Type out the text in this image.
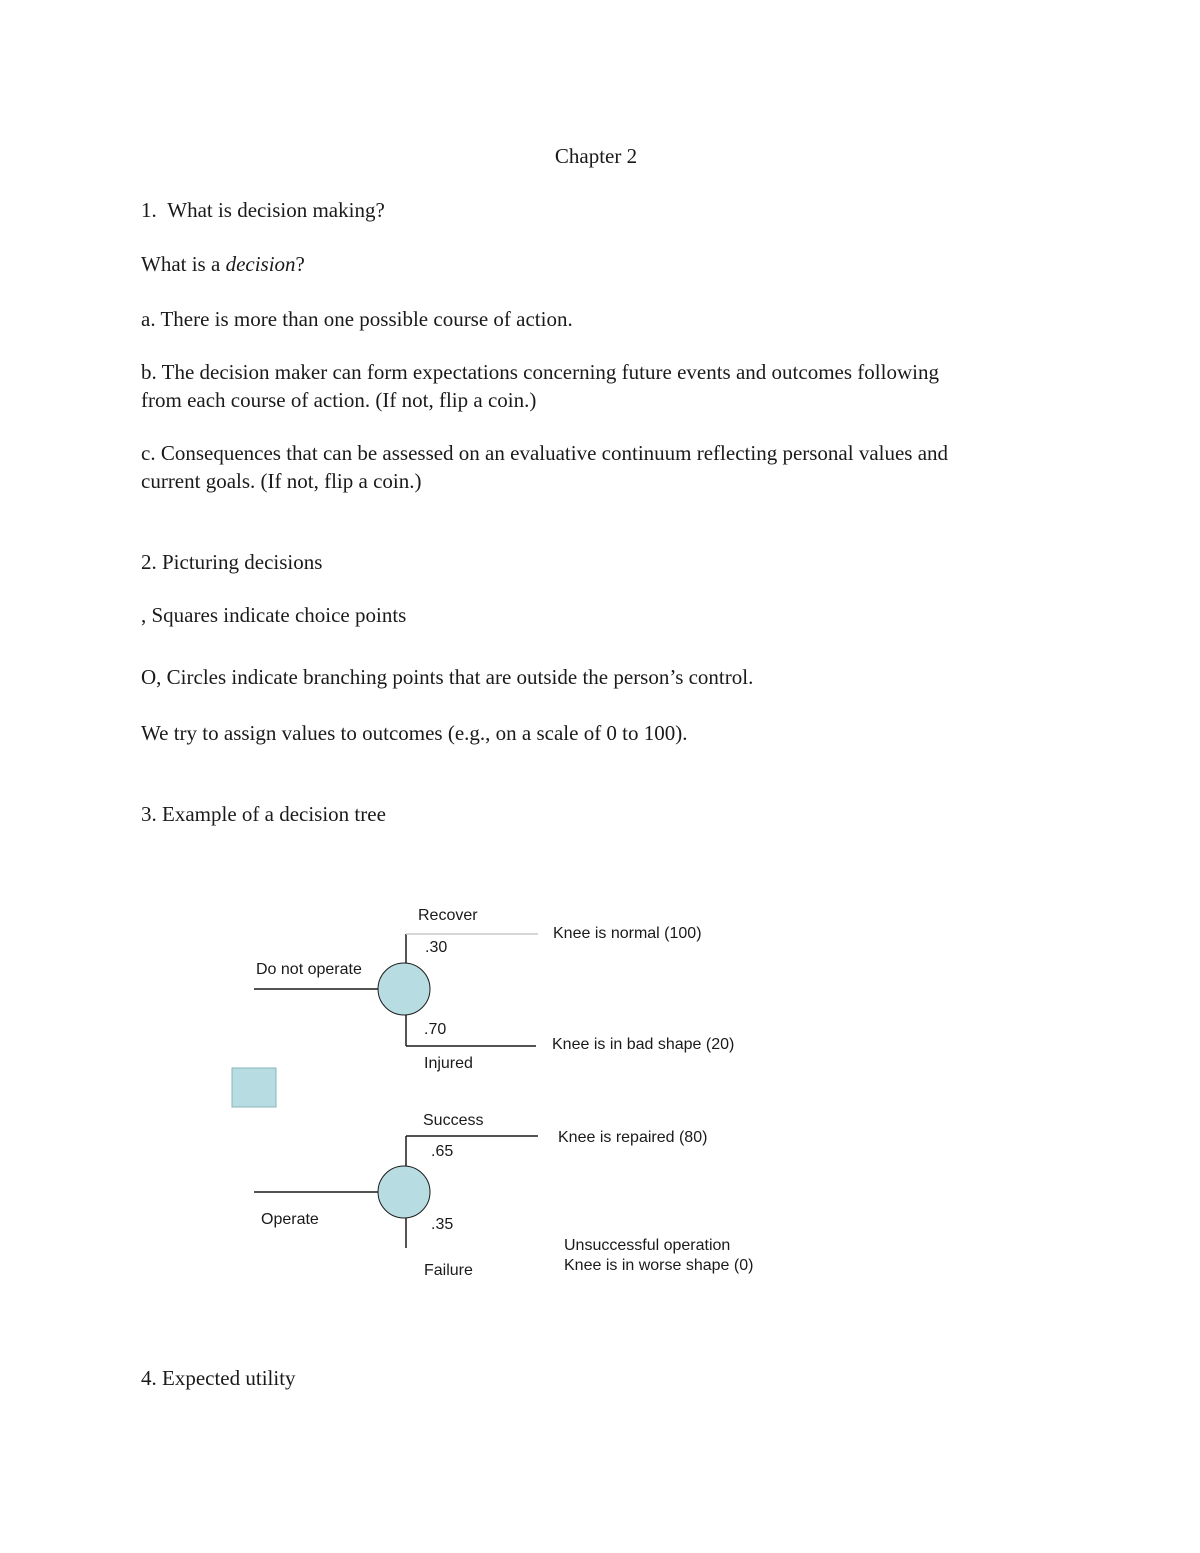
Chapter 2
1. What is decision making?
What is a decision?
a. There is more than one possible course of action.
b. The decision maker can form expectations concerning future events and outcomes following
from each course of action. (If not, flip a coin.)
c. Consequences that can be assessed on an evaluative continuum reflecting personal values and
current goals. (If not, flip a coin.)
2. Picturing decisions
, Squares indicate choice points
O, Circles indicate branching points that are outside the person’s control.
We try to assign values to outcomes (e.g., on a scale of 0 to 100).
3. Example of a decision tree
Do not operate
Recover
.30
Knee is normal (100)
.70
Injured
Knee is in bad shape (20)
Success
.65
Knee is repaired (80)
Operate	.35
Failure
Unsuccessful operation
Knee is in worse shape (0)
4. Expected utility
